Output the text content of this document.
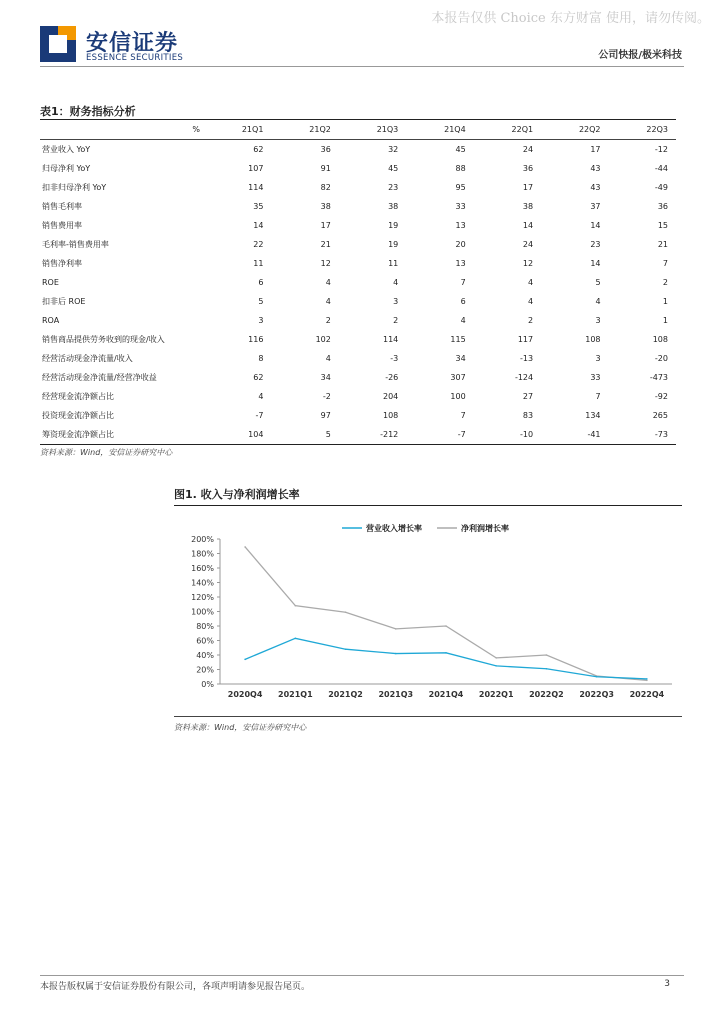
本报告仅供 Choice 东方财富 使用，请勿传阅。
安信证券
ESSENCE SECURITIES	公司快报/极米科技
表1：财务指标分析
%	21Q1	21Q2	21Q3	21Q4	22Q1	22Q2	22Q3
营业收入 YoY	62	36	32	45	24	17	-12
归母净利 YoY	107	91	45	88	36	43	-44
扣非归母净利 YoY	114	82	23	95	17	43	-49
销售毛利率	35	38	38	33	38	37	36
销售费用率	14	17	19	13	14	14	15
毛利率-销售费用率	22	21	19	20	24	23	21
销售净利率	11	12	11	13	12	14	7
ROE	6	4	4	7	4	5	2
扣非后 ROE	5	4	3	6	4	4	1
ROA	3	2	2	4	2	3	1
销售商品提供劳务收到的现金/收入	116	102	114	115	117	108	108
经营活动现金净流量/收入	8	4	-3	34	-13	3	-20
经营活动现金净流量/经营净收益	62	34	-26	307	-124	33	-473
经营现金流净额占比	4	-2	204	100	27	7	-92
投资现金流净额占比	-7	97	108	7	83	134	265
筹资现金流净额占比	104	5	-212	-7	-10	-41	-73
资料来源：Wind，安信证券研究中心
图1. 收入与净利润增长率
0%
20%
40%
60%
80%
100%
120%
140%
160%
180%
200%
2020Q4 2021Q1 2021Q2 2021Q3 2021Q4 2022Q1 2022Q2 2022Q3 2022Q4
营业收入增长率	净利润增长率
资料来源：Wind，安信证券研究中心
本报告版权属于安信证券股份有限公司，各项声明请参见报告尾页。	3
